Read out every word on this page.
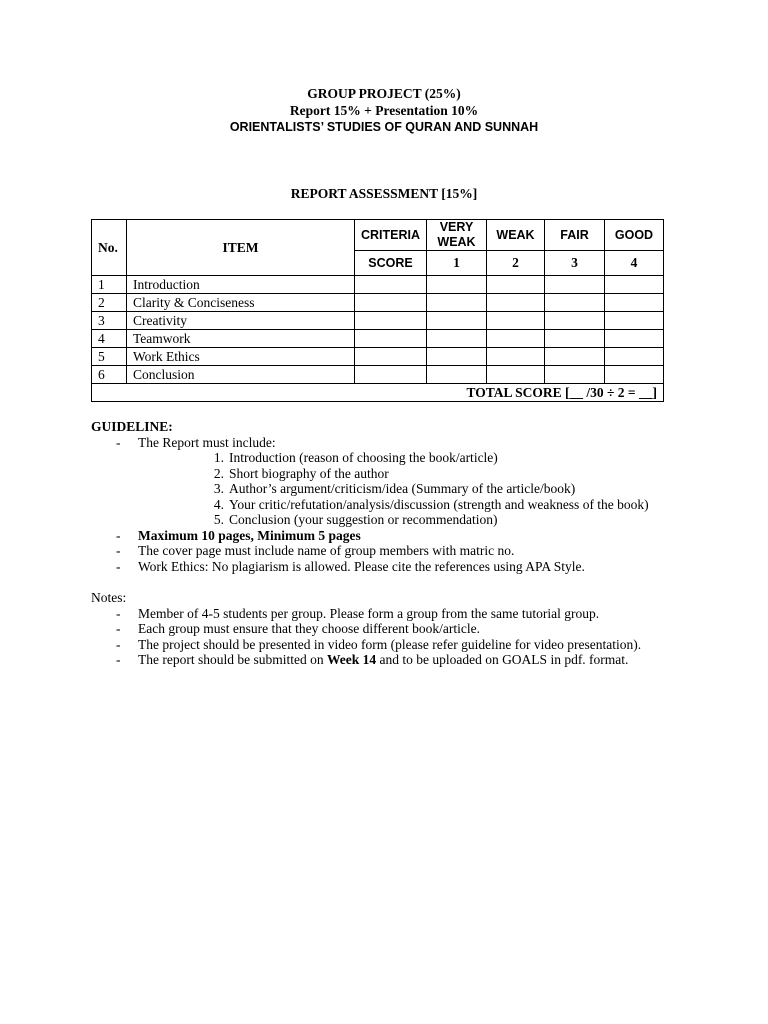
GROUP PROJECT (25%)
Report 15% + Presentation 10%
ORIENTALISTS’ STUDIES OF QURAN AND SUNNAH
REPORT ASSESSMENT [15%]
No.	ITEM	CRITERIA	VERY WEAK	WEAK	FAIR	GOOD	
		SCORE	1	2	3	4	
1	Introduction						
2	Clarity & Conciseness						
3	Creativity						
4	Teamwork						
5	Work Ethics						
6	Conclusion						
TOTAL SCORE [__ /30 ÷ 2 = __]							
GUIDELINE:
- The Report must include:
1. Introduction (reason of choosing the book/article)
2. Short biography of the author
3. Author’s argument/criticism/idea (Summary of the article/book)
4. Your critic/refutation/analysis/discussion (strength and weakness of the book)
5. Conclusion (your suggestion or recommendation)
- Maximum 10 pages, Minimum 5 pages
- The cover page must include name of group members with matric no.
- Work Ethics: No plagiarism is allowed. Please cite the references using APA Style.
Notes:
- Member of 4-5 students per group. Please form a group from the same tutorial group.
- Each group must ensure that they choose different book/article.
- The project should be presented in video form (please refer guideline for video presentation).
- The report should be submitted on Week 14 and to be uploaded on GOALS in pdf. format.
